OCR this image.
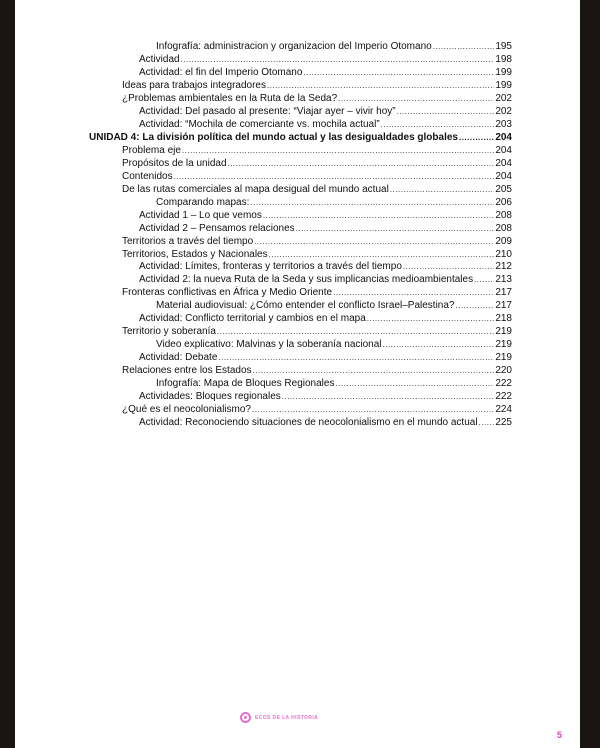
Infografía: administracion y organizacion del Imperio Otomano .....	195
Actividad .....	198
Actividad: el fin del Imperio Otomano .....	199
Ideas para trabajos integradores .....	199
¿Problemas ambientales en la Ruta de la Seda? .....	202
Actividad: Del pasado al presente: “Viajar ayer – vivir hoy” .....	202
Actividad: “Mochila de comerciante vs. mochila actual” .....	203
UNIDAD 4: La división política del mundo actual y las desigualdades globales .....	204
Problema eje .....	204
Propósitos de la unidad .....	204
Contenidos .....	204
De las rutas comerciales al mapa desigual del mundo actual .....	205
Comparando mapas: .....	206
Actividad 1 – Lo que vemos .....	208
Actividad 2 – Pensamos relaciones .....	208
Territorios a través del tiempo .....	209
Territorios, Estados y Nacionales .....	210
Actividad: Límites, fronteras y territorios a través del tiempo .....	212
Actividad 2: la nueva Ruta de la Seda y sus implicancias medioambientales ..... 213
Fronteras conflictivas en África y Medio Oriente .....	217
Material audiovisual: ¿Cómo entender el conflicto Israel–Palestina? .....	217
Actividad: Conflicto territorial y cambios en el mapa .....	218
Territorio y soberanía .....	219
Video explicativo: Malvinas y la soberanía nacional .....	219
Actividad: Debate .....	219
Relaciones entre los Estados .....	220
Infografía: Mapa de Bloques Regionales .....	222
Actividades: Bloques regionales .....	222
¿Qué es el neocolonialismo? .....	224
Actividad: Reconociendo situaciones de neocolonialismo en el mundo actual ..... 225
ECOS DE LA HISTORIA
5
